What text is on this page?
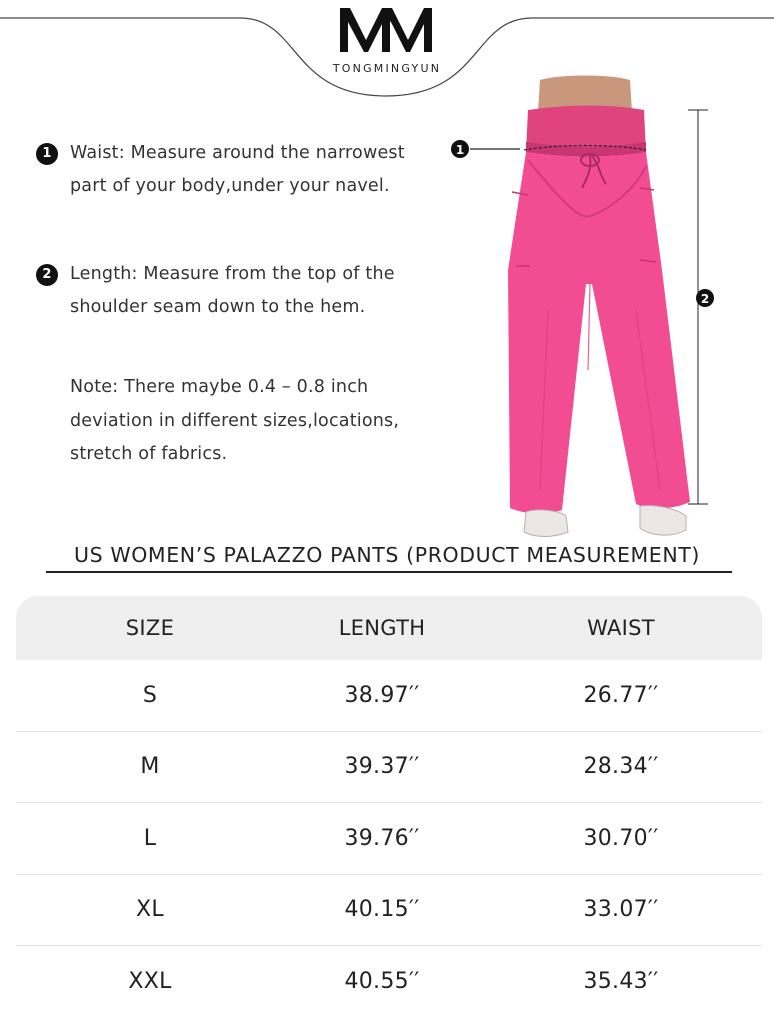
TONGMINGYUN
1	Waist: Measure around the narrowest
part of your body,under your navel.
2	Length: Measure from the top of the
shoulder seam down to the hem.
Note: There maybe 0.4 – 0.8 inch
deviation in different sizes,locations,
stretch of fabrics.
1
2
US WOMEN’S PALAZZO PANTS (PRODUCT MEASUREMENT)
SIZE	LENGTH	WAIST
S	38.97′′	26.77′′
M	39.37′′	28.34′′
L	39.76′′	30.70′′
XL	40.15′′	33.07′′
XXL	40.55′′	35.43′′
